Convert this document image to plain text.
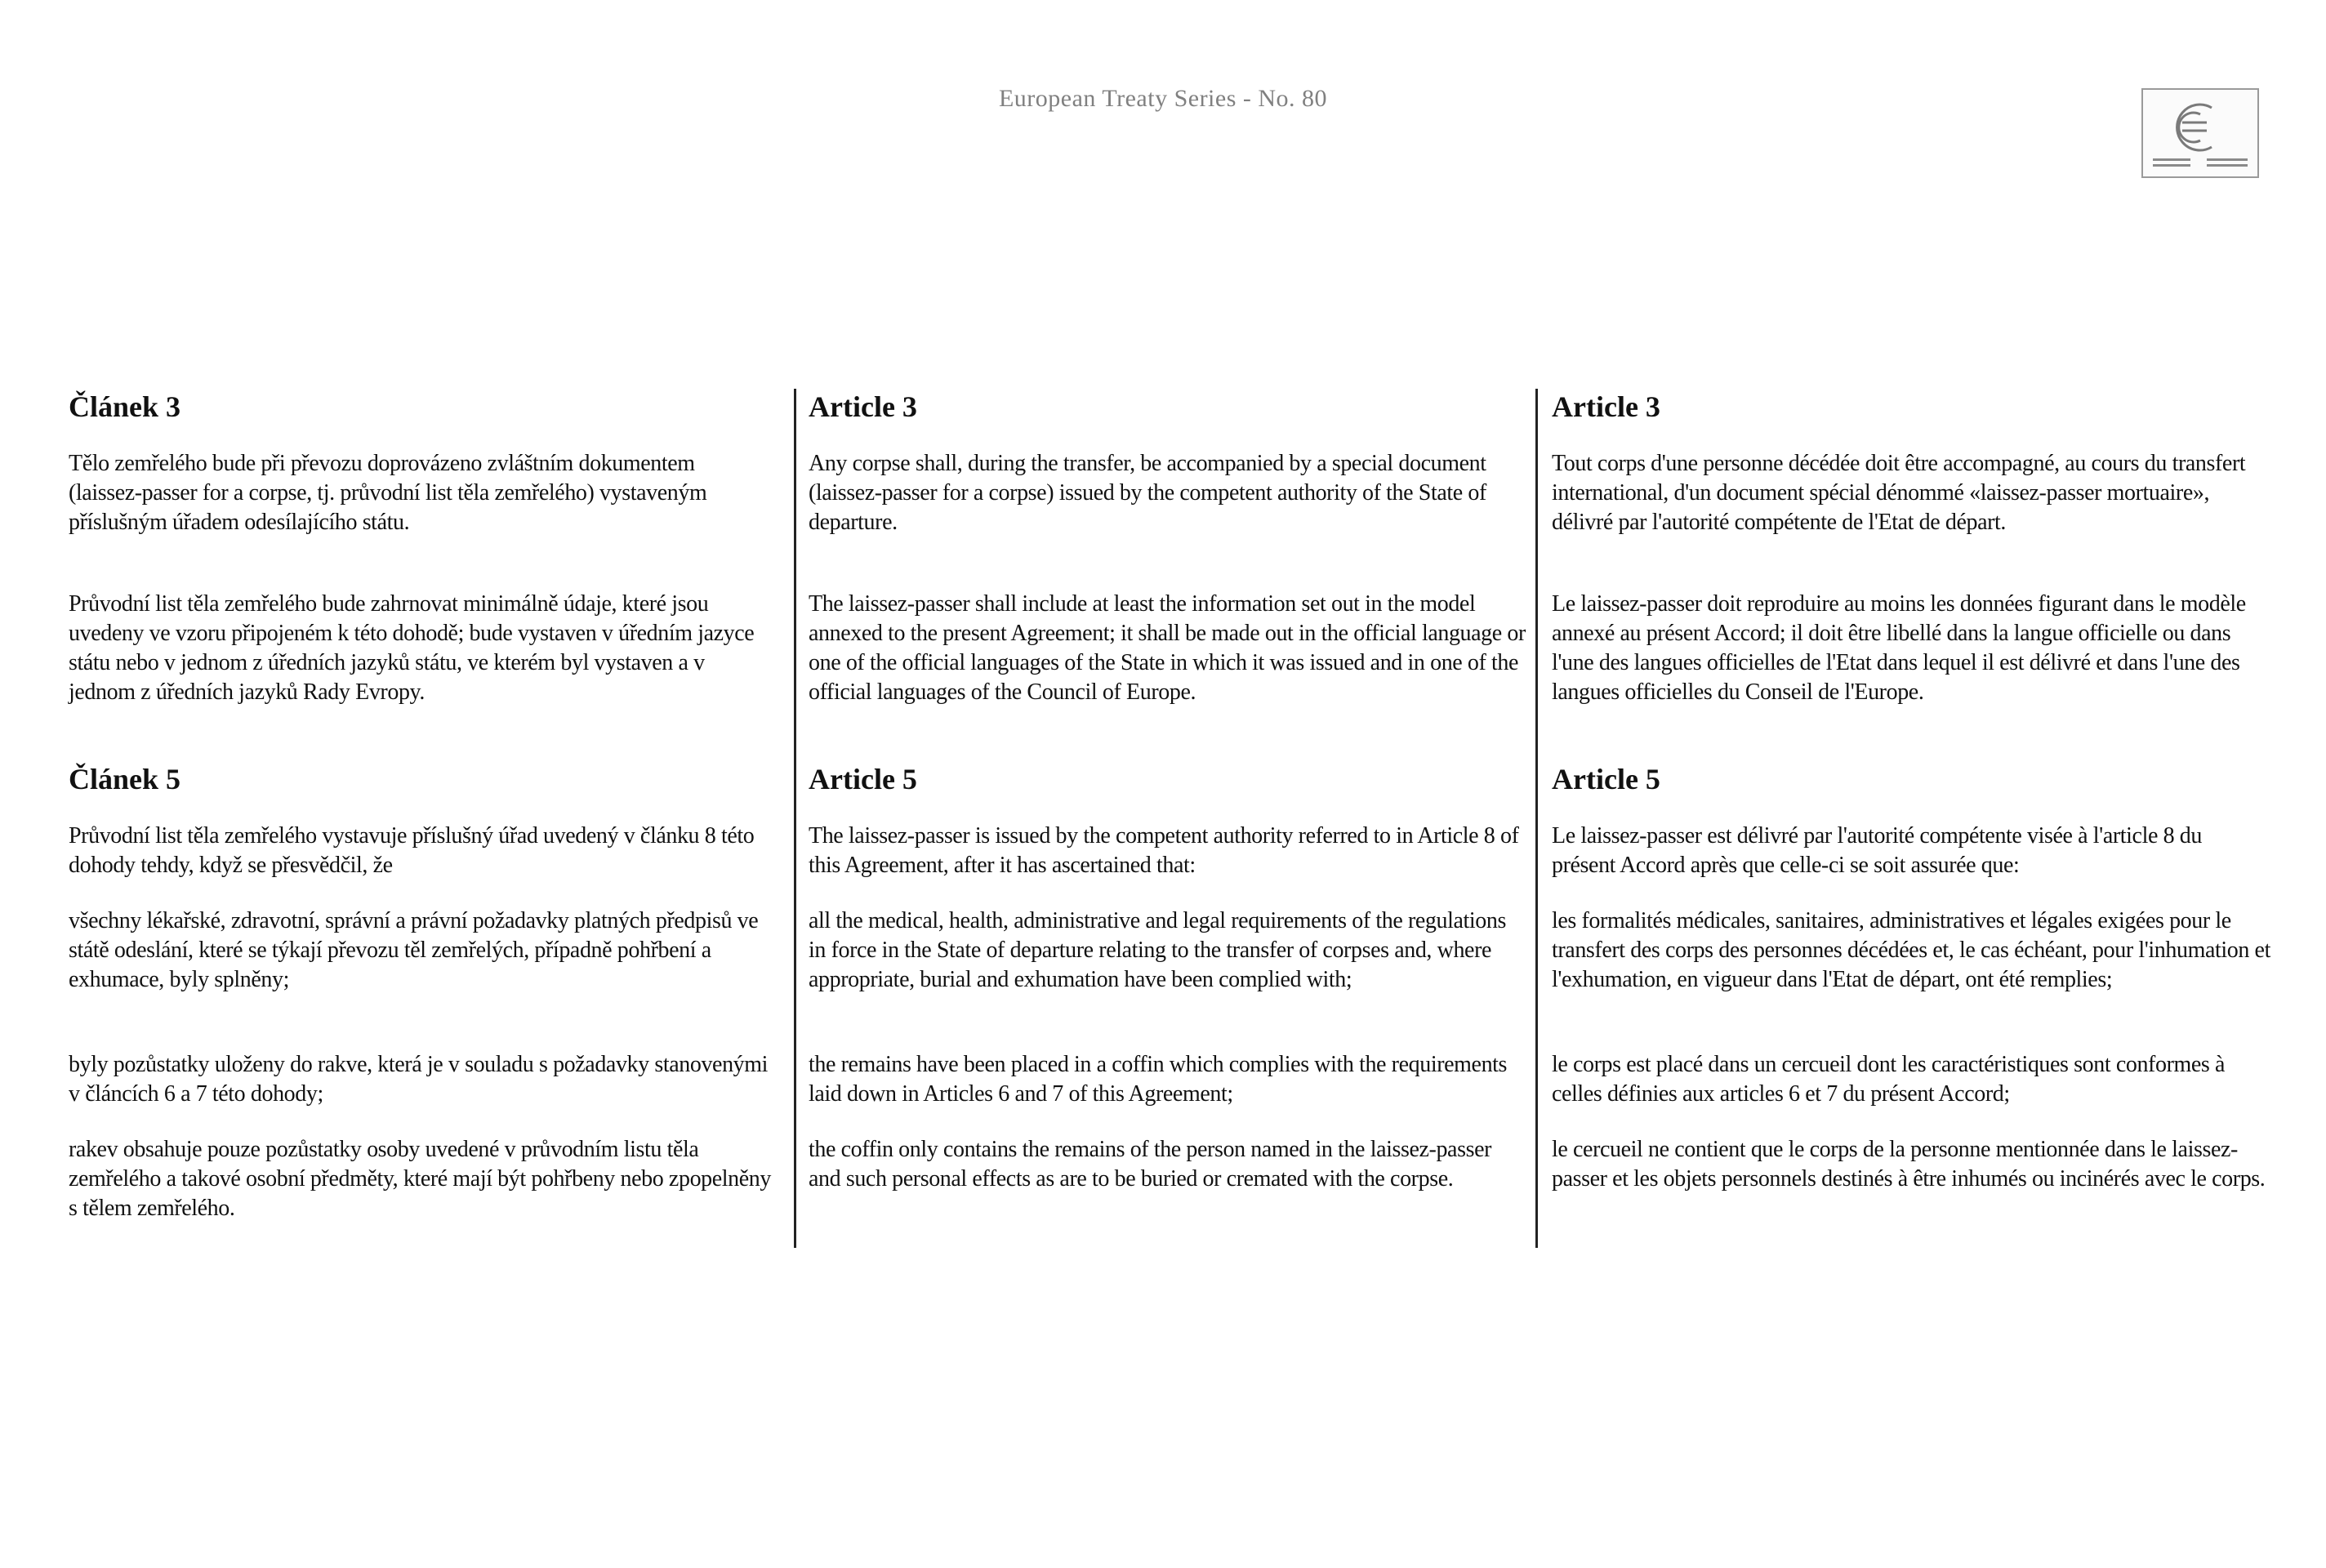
European Treaty Series - No. 80
Článek 3

Tělo zemřelého bude při převozu doprovázeno zvláštním dokumentem (laissez-passer for a corpse, tj. průvodní list těla zemřelého) vystaveným příslušným úřadem odesílajícího státu.

Průvodní list těla zemřelého bude zahrnovat minimálně údaje, které jsou uvedeny ve vzoru připojeném k této dohodě; bude vystaven v úředním jazyce státu nebo v jednom z úředních jazyků státu, ve kterém byl vystaven a v jednom z úředních jazyků Rady Evropy.

Článek 5

Průvodní list těla zemřelého vystavuje příslušný úřad uvedený v článku 8 této dohody tehdy, když se přesvědčil, že

všechny lékařské, zdravotní, správní a právní požadavky platných předpisů ve státě odeslání, které se týkají převozu těl zemřelých, případně pohřbení a exhumace, byly splněny;

byly pozůstatky uloženy do rakve, která je v souladu s požadavky stanovenými v článcích 6 a 7 této dohody;

rakev obsahuje pouze pozůstatky osoby uvedené v průvodním listu těla zemřelého a takové osobní předměty, které mají být pohřbeny nebo zpopelněny s tělem zemřelého.

Article 3

Any corpse shall, during the transfer, be accompanied by a special document (laissez-passer for a corpse) issued by the competent authority of the State of departure.

The laissez-passer shall include at least the information set out in the model annexed to the present Agreement; it shall be made out in the official language or one of the official languages of the State in which it was issued and in one of the official languages of the Council of Europe.

Article 5

The laissez-passer is issued by the competent authority referred to in Article 8 of this Agreement, after it has ascertained that:

all the medical, health, administrative and legal requirements of the regulations in force in the State of departure relating to the transfer of corpses and, where appropriate, burial and exhumation have been complied with;

the remains have been placed in a coffin which complies with the requirements laid down in Articles 6 and 7 of this Agreement;

the coffin only contains the remains of the person named in the laissez-passer and such personal effects as are to be buried or cremated with the corpse.

Article 3

Tout corps d'une personne décédée doit être accompagné, au cours du transfert international, d'un document spécial dénommé «laissez-passer mortuaire», délivré par l'autorité compétente de l'Etat de départ.

Le laissez-passer doit reproduire au moins les données figurant dans le modèle annexé au présent Accord; il doit être libellé dans la langue officielle ou dans l'une des langues officielles de l'Etat dans lequel il est délivré et dans l'une des langues officielles du Conseil de l'Europe.

Article 5

Le laissez-passer est délivré par l'autorité compétente visée à l'article 8 du présent Accord après que celle-ci se soit assurée que:

les formalités médicales, sanitaires, administratives et légales exigées pour le transfert des corps des personnes décédées et, le cas échéant, pour l'inhumation et l'exhumation, en vigueur dans l'Etat de départ, ont été remplies;

le corps est placé dans un cercueil dont les caractéristiques sont conformes à celles définies aux articles 6 et 7 du présent Accord;

le cercueil ne contient que le corps de la personne mentionnée dans le laissez-passer et les objets personnels destinés à être inhumés ou incinérés avec le corps.
